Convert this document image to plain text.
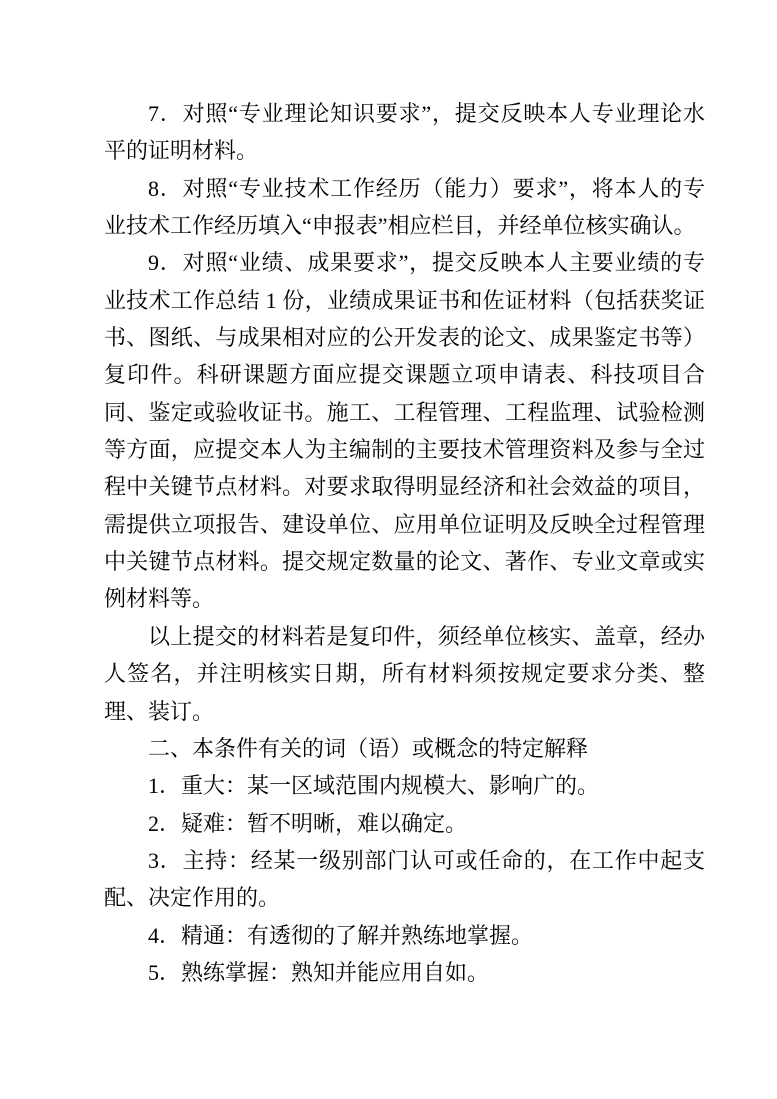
7．对照“专业理论知识要求”，提交反映本人专业理论水平的证明材料。

8．对照“专业技术工作经历（能力）要求”，将本人的专业技术工作经历填入“申报表”相应栏目，并经单位核实确认。

9．对照“业绩、成果要求”，提交反映本人主要业绩的专业技术工作总结 1 份，业绩成果证书和佐证材料（包括获奖证书、图纸、与成果相对应的公开发表的论文、成果鉴定书等）复印件。科研课题方面应提交课题立项申请表、科技项目合同、鉴定或验收证书。施工、工程管理、工程监理、试验检测等方面，应提交本人为主编制的主要技术管理资料及参与全过程中关键节点材料。对要求取得明显经济和社会效益的项目，需提供立项报告、建设单位、应用单位证明及反映全过程管理中关键节点材料。提交规定数量的论文、著作、专业文章或实例材料等。

以上提交的材料若是复印件，须经单位核实、盖章，经办人签名，并注明核实日期，所有材料须按规定要求分类、整理、装订。

二、本条件有关的词（语）或概念的特定解释

1．重大：某一区域范围内规模大、影响广的。

2．疑难：暂不明晰，难以确定。

3．主持：经某一级别部门认可或任命的，在工作中起支配、决定作用的。

4．精通：有透彻的了解并熟练地掌握。

5．熟练掌握：熟知并能应用自如。
